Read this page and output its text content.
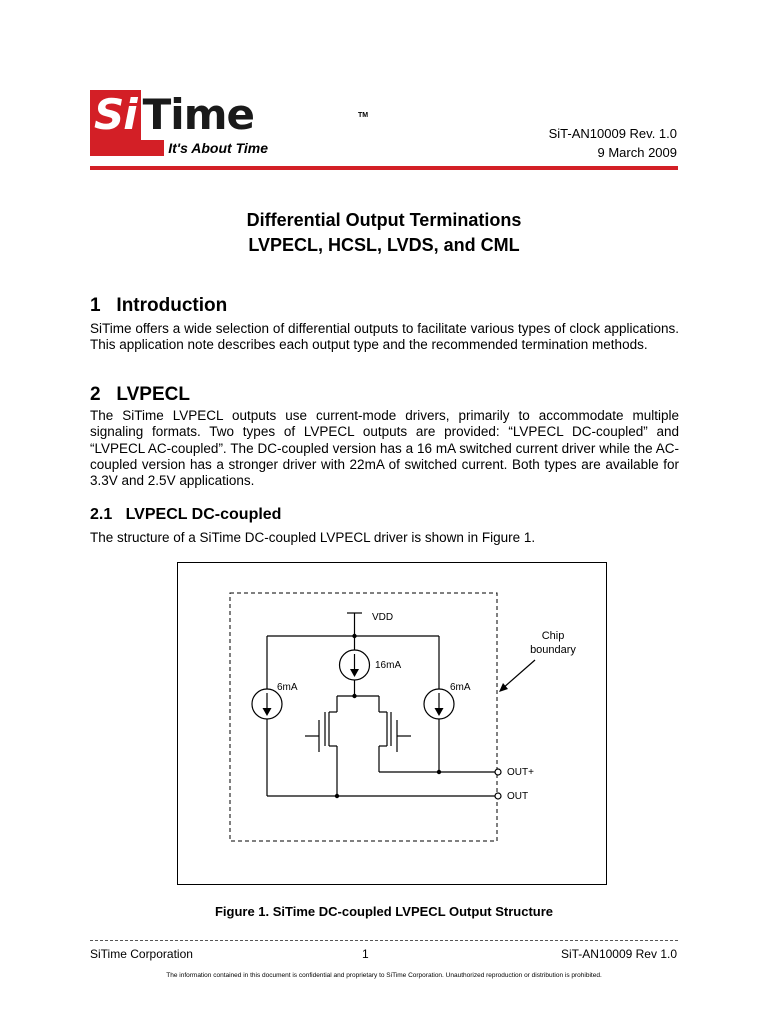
Si Time	TM
It's About Time
SiT-AN10009 Rev. 1.0
9 March 2009
Differential Output Terminations
LVPECL, HCSL, LVDS, and CML
1 Introduction

SiTime offers a wide selection of differential outputs to facilitate various types of clock applications. This application note describes each output type and the recommended termination methods.

2 LVPECL

The SiTime LVPECL outputs use current-mode drivers, primarily to accommodate multiple signaling formats. Two types of LVPECL outputs are provided: “LVPECL DC-coupled” and “LVPECL AC-coupled”. The DC-coupled version has a 16 mA switched current driver while the AC-coupled version has a stronger driver with 22mA of switched current. Both types are available for 3.3V and 2.5V applications.

2.1 LVPECL DC-coupled

The structure of a SiTime DC-coupled LVPECL driver is shown in Figure 1.

VDD
16mA
6mA	6mA
OUT+
OUT
Chip
boundary
Figure 1. SiTime DC-coupled LVPECL Output Structure
SiTime Corporation	1	SiT-AN10009 Rev 1.0
The information contained in this document is confidential and proprietary to SiTime Corporation. Unauthorized reproduction or distribution is prohibited.
